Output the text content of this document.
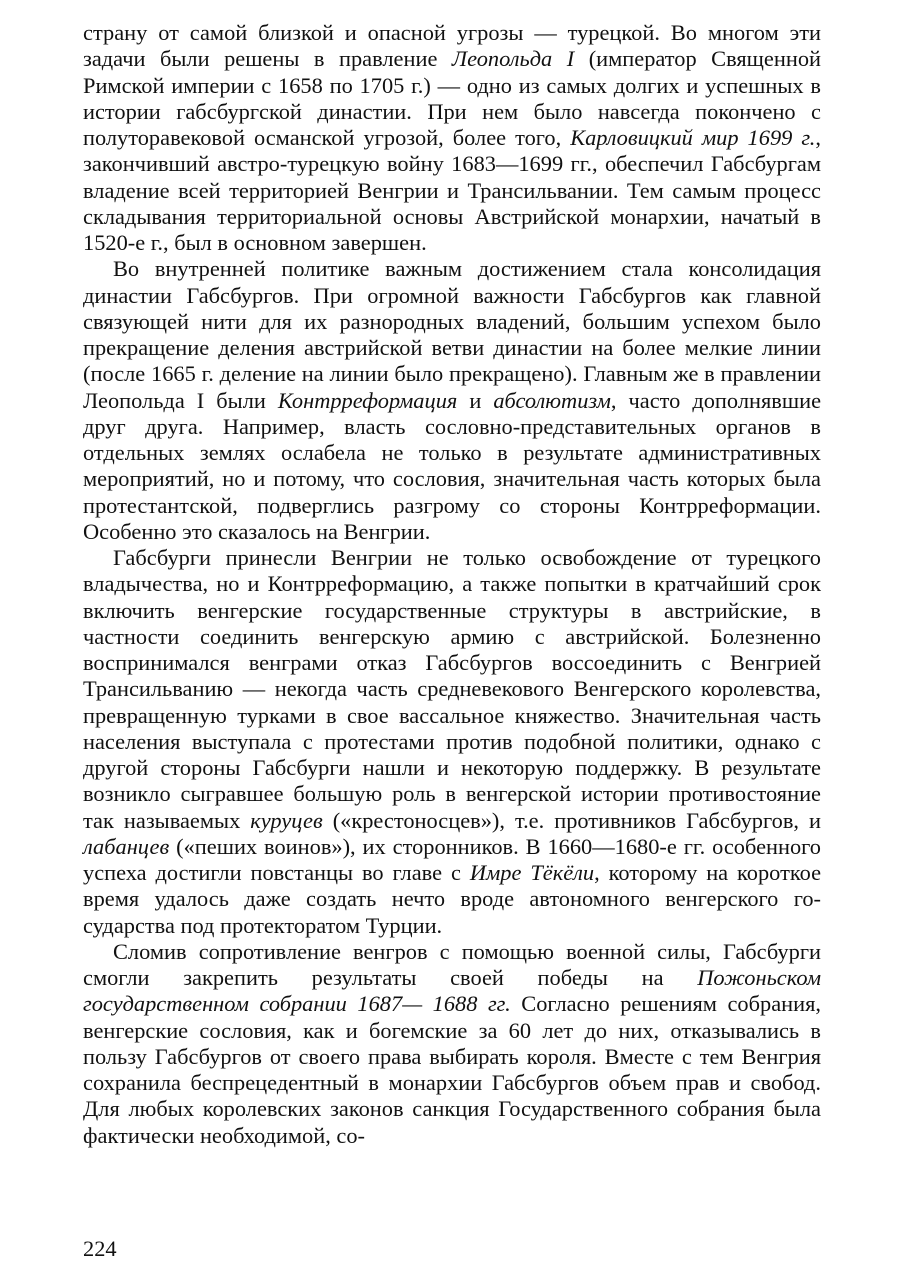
страну от самой близкой и опасной угрозы — турецкой. Во многом эти задачи были решены в правление Леопольда I (император Священной Римской империи с 1658 по 1705 г.) — одно из самых долгих и успешных в истории габсбургской династии. При нем было навсегда покончено с полуторавековой османской угрозой, более того, Карловицкий мир 1699 г., закончивший австро-турецкую войну 1683—1699 гг., обеспечил Габсбургам владение всей территорией Венгрии и Трансильвании. Тем самым процесс складывания территориальной основы Австрийской монархии, начатый в 1520-е г., был в основном завершен.

Во внутренней политике важным достижением стала консолидация династии Габсбургов. При огромной важности Габсбургов как главной связующей нити для их разнородных владений, большим успехом было прекращение деления австрийской ветви династии на более мелкие линии (после 1665 г. деление на линии было прекращено). Главным же в правлении Леопольда I были Контрреформация и абсолютизм, часто дополнявшие друг друга. Например, власть сословно-представительных органов в отдельных землях ослабела не только в результате административных мероприятий, но и потому, что сословия, значительная часть которых была протестантской, подверглись разгрому со стороны Контрреформации. Особенно это сказалось на Венгрии.

Габсбурги принесли Венгрии не только освобождение от турецкого владычества, но и Контрреформацию, а также попытки в кратчайший срок включить венгерские государственные структуры в австрийские, в частности соединить венгерскую армию с австрийской. Болезненно воспринимался венграми отказ Габсбургов воссоединить с Венгрией Трансильванию — некогда часть средневекового Венгерского королевства, превращенную турками в свое вассальное княжество. Значительная часть населения выступала с протестами против подобной политики, однако с другой стороны Габсбурги нашли и некоторую поддержку. В результате возникло сыгравшее большую роль в венгерской истории противостояние так называемых куруцев («крестоносцев»), т.е. противников Габсбургов, и лабанцев («пеших воинов»), их сторонников. В 1660—1680-е гг. особенного успеха достигли повстанцы во главе с Имре Тёкёли, которому на короткое время удалось даже создать нечто вроде автономного венгерского государства под протекторатом Турции.

Сломив сопротивление венгров с помощью военной силы, Габсбурги смогли закрепить результаты своей победы на Пожоньском государственном собрании 1687— 1688 гг. Согласно решениям собрания, венгерские сословия, как и богемские за 60 лет до них, отказывались в пользу Габсбургов от своего права выбирать короля. Вместе с тем Венгрия сохранила беспрецедентный в монархии Габсбургов объем прав и свобод. Для любых королевских законов санкция Государственного собрания была фактически необходимой, со-

224
